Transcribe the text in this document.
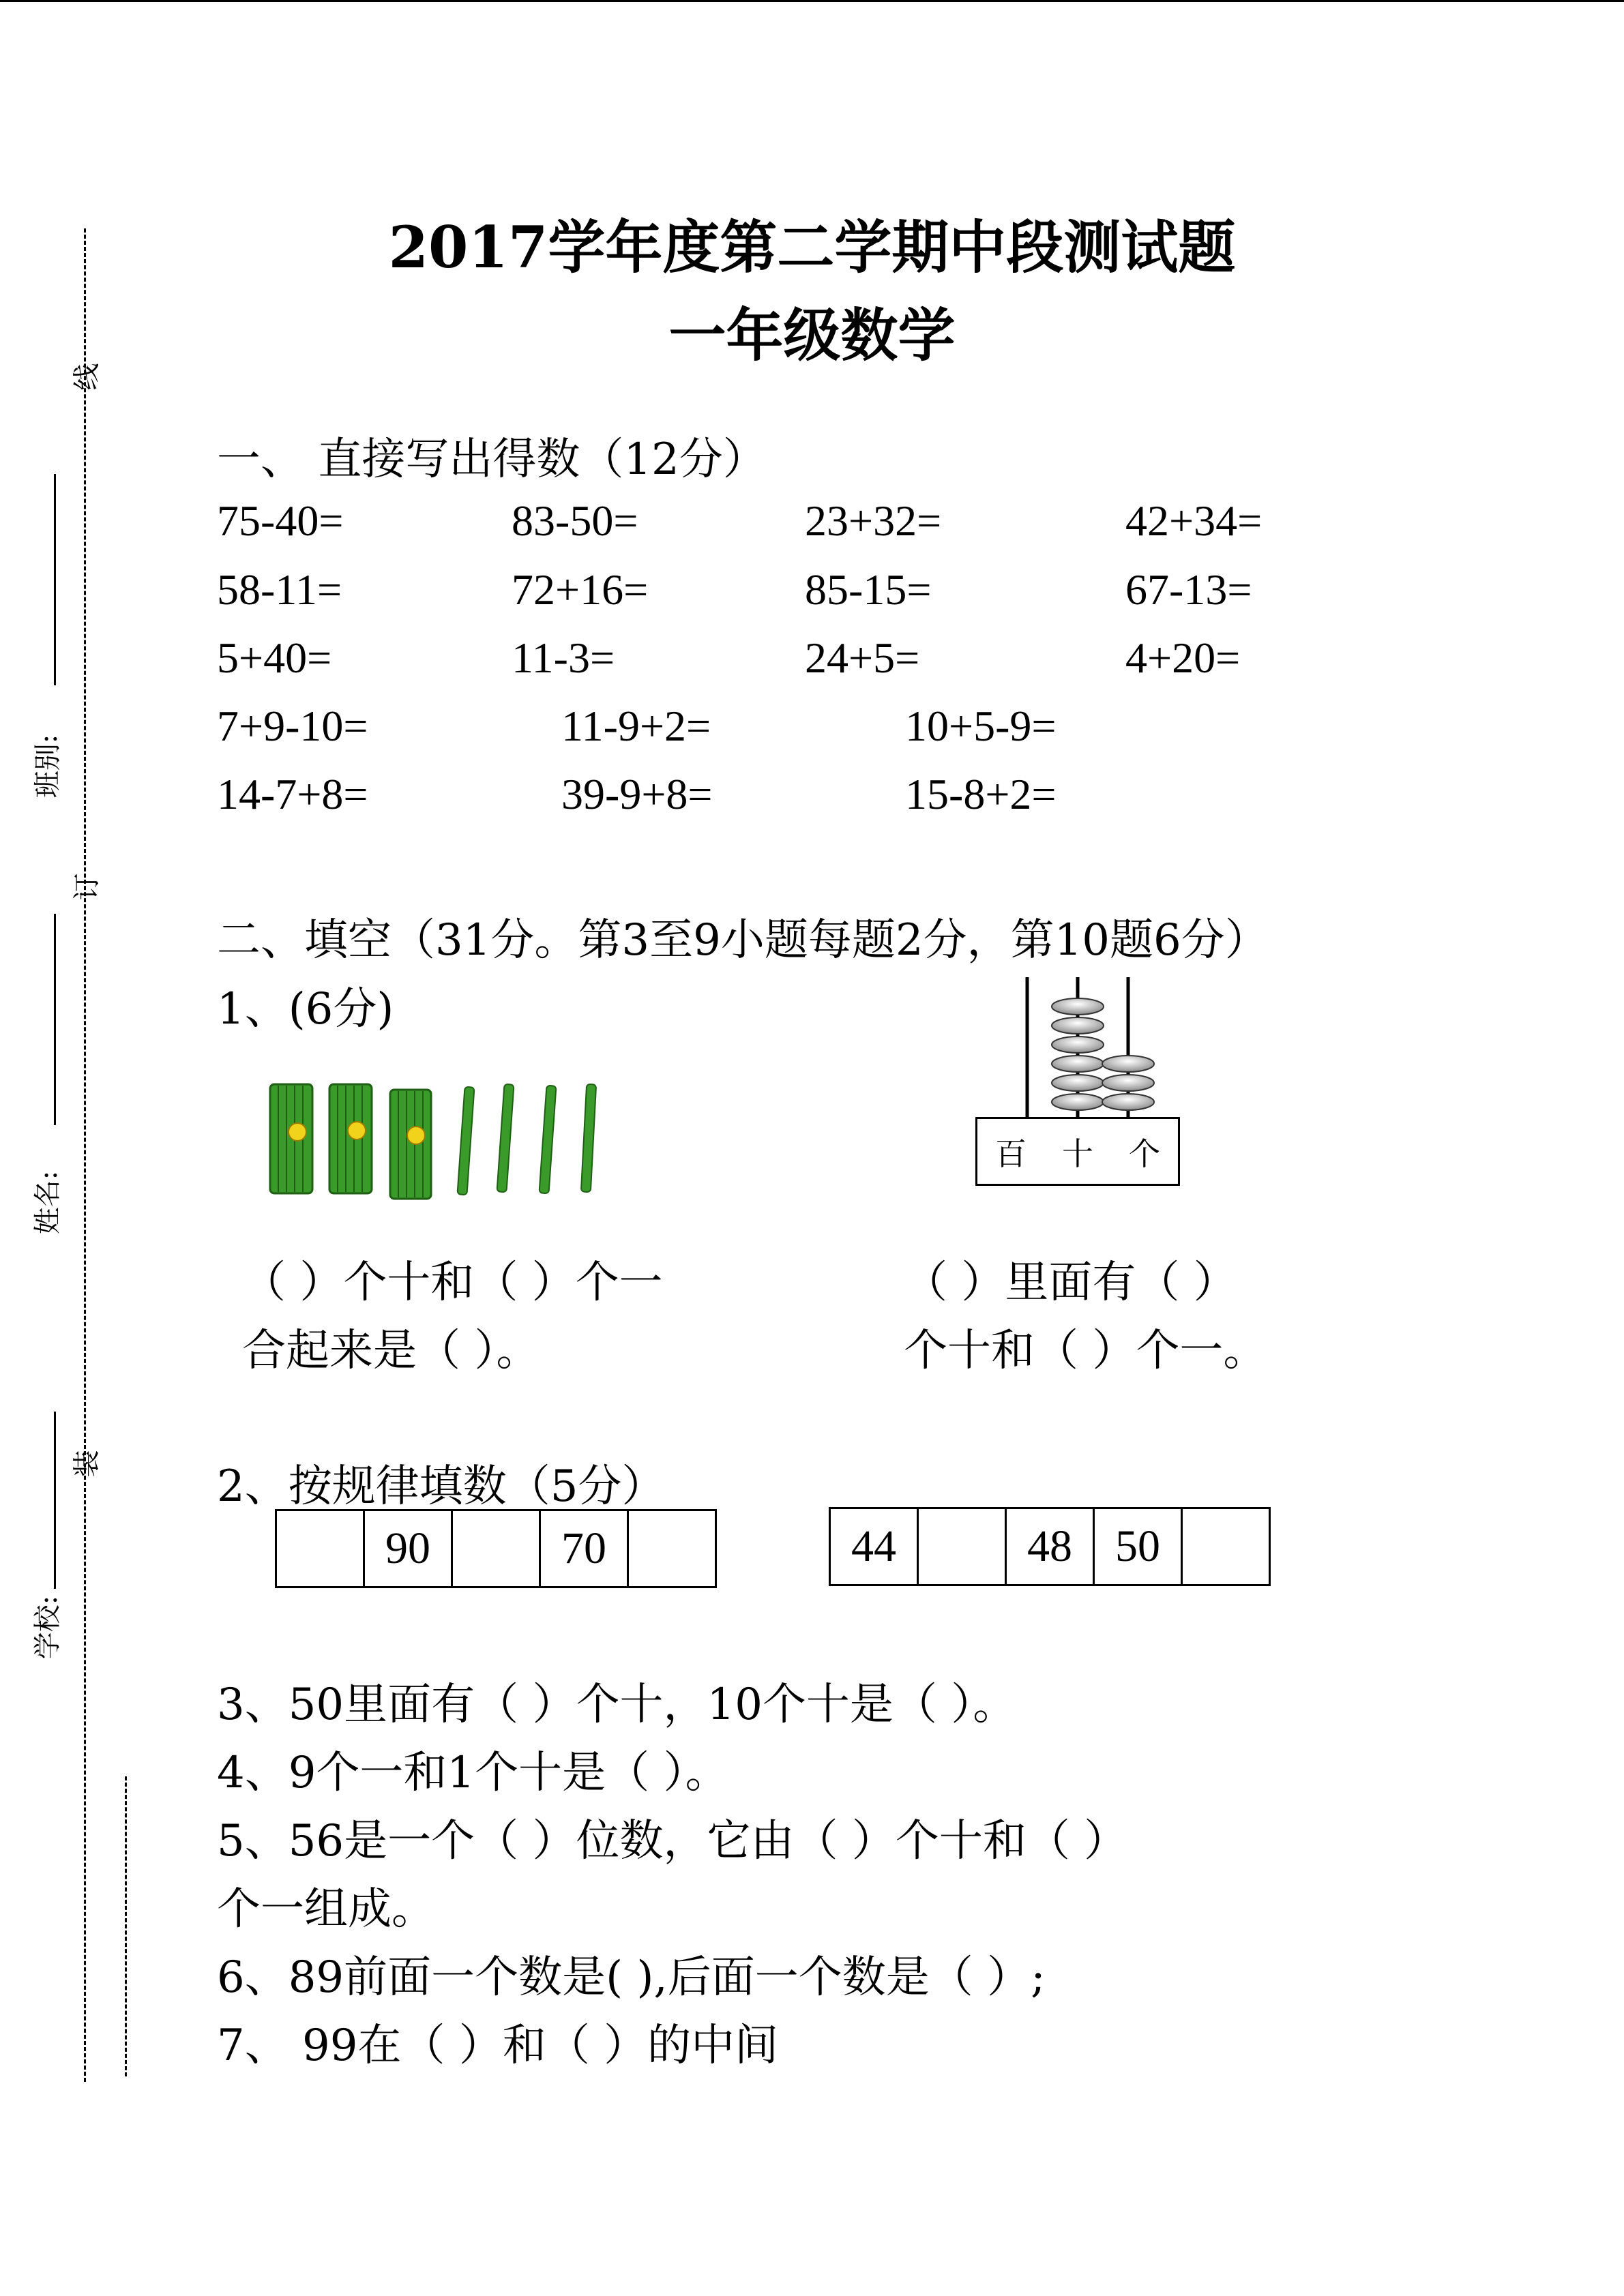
线
班别:
订
姓名:
装
学校:
2017学年度第二学期中段测试题
一年级数学
一、 直接写出得数（12分）
75-40=	83-50=	23+32=	42+34=
58-11=	72+16=	85-15=	67-13=
5+40=	11-3=	24+5=	4+20=
7+9-10=	11-9+2=	10+5-9=
14-7+8=	39-9+8=	15-8+2=
二、填空（31分。第3至9小题每题2分，第10题6分）
1、(6分)
百 十 个
（ ）个十和（ ）个一
合起来是（ ）。
（ ）里面有（ ）
个十和（ ）个一。
2、按规律填数（5分）
90	70	44	48 50
3、50里面有（ ）个十，10个十是（ ）。
4、9个一和1个十是（ ）。
5、56是一个（ ）位数，它由（ ）个十和（ ）
个一组成。
6、89前面一个数是( ),后面一个数是（ ）;
7、 99在（ ）和（ ）的中间
